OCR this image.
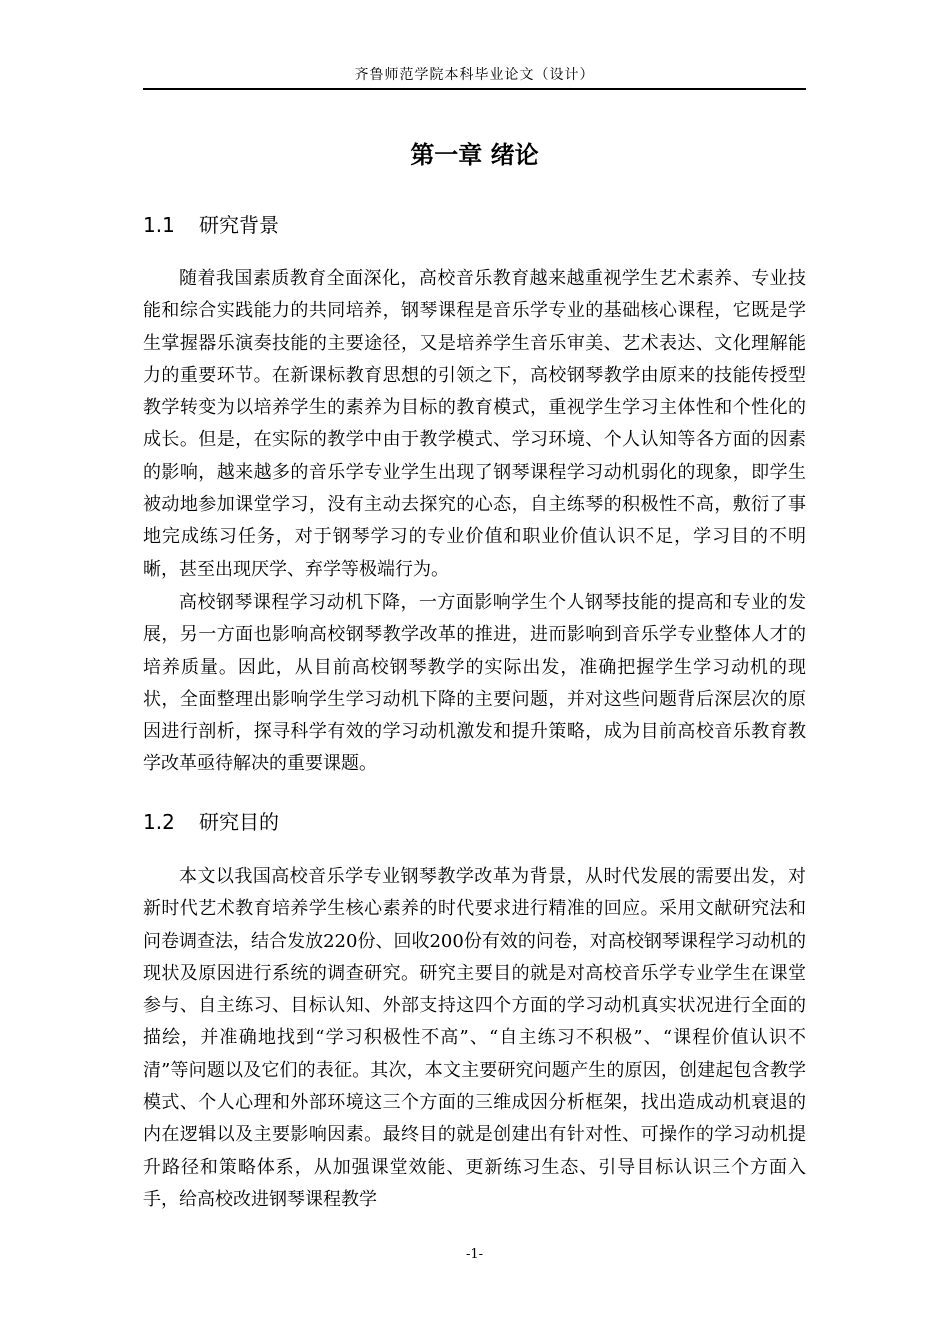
齐鲁师范学院本科毕业论文（设计）
第一章 绪论
1.1 研究背景

随着我国素质教育全面深化，高校音乐教育越来越重视学生艺术素养、专业技能和综合实践能力的共同培养，钢琴课程是音乐学专业的基础核心课程，它既是学生掌握器乐演奏技能的主要途径，又是培养学生音乐审美、艺术表达、文化理解能力的重要环节。在新课标教育思想的引领之下，高校钢琴教学由原来的技能传授型教学转变为以培养学生的素养为目标的教育模式，重视学生学习主体性和个性化的成长。但是，在实际的教学中由于教学模式、学习环境、个人认知等各方面的因素的影响，越来越多的音乐学专业学生出现了钢琴课程学习动机弱化的现象，即学生被动地参加课堂学习，没有主动去探究的心态，自主练琴的积极性不高，敷衍了事地完成练习任务，对于钢琴学习的专业价值和职业价值认识不足，学习目的不明晰，甚至出现厌学、弃学等极端行为。

高校钢琴课程学习动机下降，一方面影响学生个人钢琴技能的提高和专业的发展，另一方面也影响高校钢琴教学改革的推进，进而影响到音乐学专业整体人才的培养质量。因此，从目前高校钢琴教学的实际出发，准确把握学生学习动机的现状，全面整理出影响学生学习动机下降的主要问题，并对这些问题背后深层次的原因进行剖析，探寻科学有效的学习动机激发和提升策略，成为目前高校音乐教育教学改革亟待解决的重要课题。

1.2 研究目的

本文以我国高校音乐学专业钢琴教学改革为背景，从时代发展的需要出发，对新时代艺术教育培养学生核心素养的时代要求进行精准的回应。采用文献研究法和问卷调查法，结合发放220份、回收200份有效的问卷，对高校钢琴课程学习动机的现状及原因进行系统的调查研究。研究主要目的就是对高校音乐学专业学生在课堂参与、自主练习、目标认知、外部支持这四个方面的学习动机真实状况进行全面的描绘，并准确地找到“学习积极性不高”、“自主练习不积极”、“课程价值认识不清”等问题以及它们的表征。其次，本文主要研究问题产生的原因，创建起包含教学模式、个人心理和外部环境这三个方面的三维成因分析框架，找出造成动机衰退的内在逻辑以及主要影响因素。最终目的就是创建出有针对性、可操作的学习动机提升路径和策略体系，从加强课堂效能、更新练习生态、引导目标认识三个方面入手，给高校改进钢琴课程教学

-1-
